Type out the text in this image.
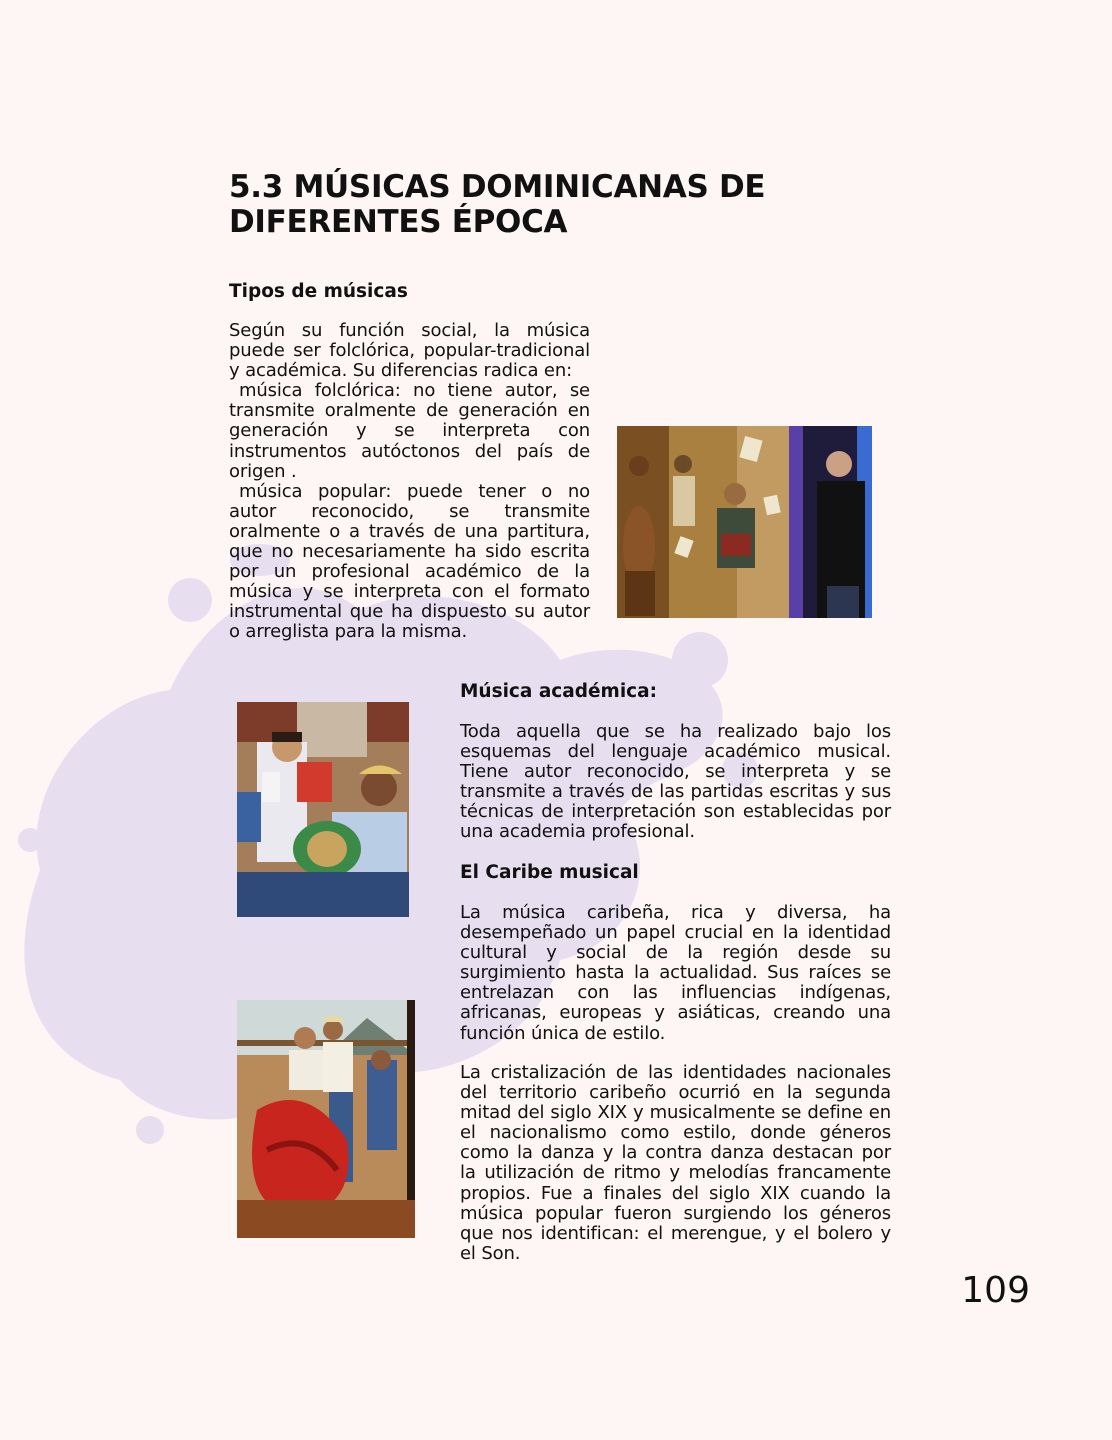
5.3 MÚSICAS DOMINICANAS DE DIFERENTES ÉPOCA
Tipos de músicas
Según su función social, la música puede ser folclórica, popular-tradicional y académica. Su diferencias radica en:
música folclórica: no tiene autor, se transmite oralmente de generación en generación y se interpreta con instrumentos autóctonos del país de origen .
música popular: puede tener o no autor reconocido, se transmite oralmente o a través de una partitura, que no necesariamente ha sido escrita por un profesional académico de la música y se interpreta con el formato instrumental que ha dispuesto su autor o arreglista para la misma.
Música académica:

Toda aquella que se ha realizado bajo los esquemas del lenguaje académico musical. Tiene autor reconocido, se interpreta y se transmite a través de las partidas escritas y sus técnicas de interpretación son establecidas por una academia profesional.

El Caribe musical

La música caribeña, rica y diversa, ha desempeñado un papel crucial en la identidad cultural y social de la región desde su surgimiento hasta la actualidad. Sus raíces se entrelazan con las influencias indígenas, africanas, europeas y asiáticas, creando una función única de estilo.

La cristalización de las identidades nacionales del territorio caribeño ocurrió en la segunda mitad del siglo XIX y musicalmente se define en el nacionalismo como estilo, donde géneros como la danza y la contra danza destacan por la utilización de ritmo y melodías francamente propios. Fue a finales del siglo XIX cuando la música popular fueron surgiendo los géneros que nos identifican: el merengue, y el bolero y el Son.

109
